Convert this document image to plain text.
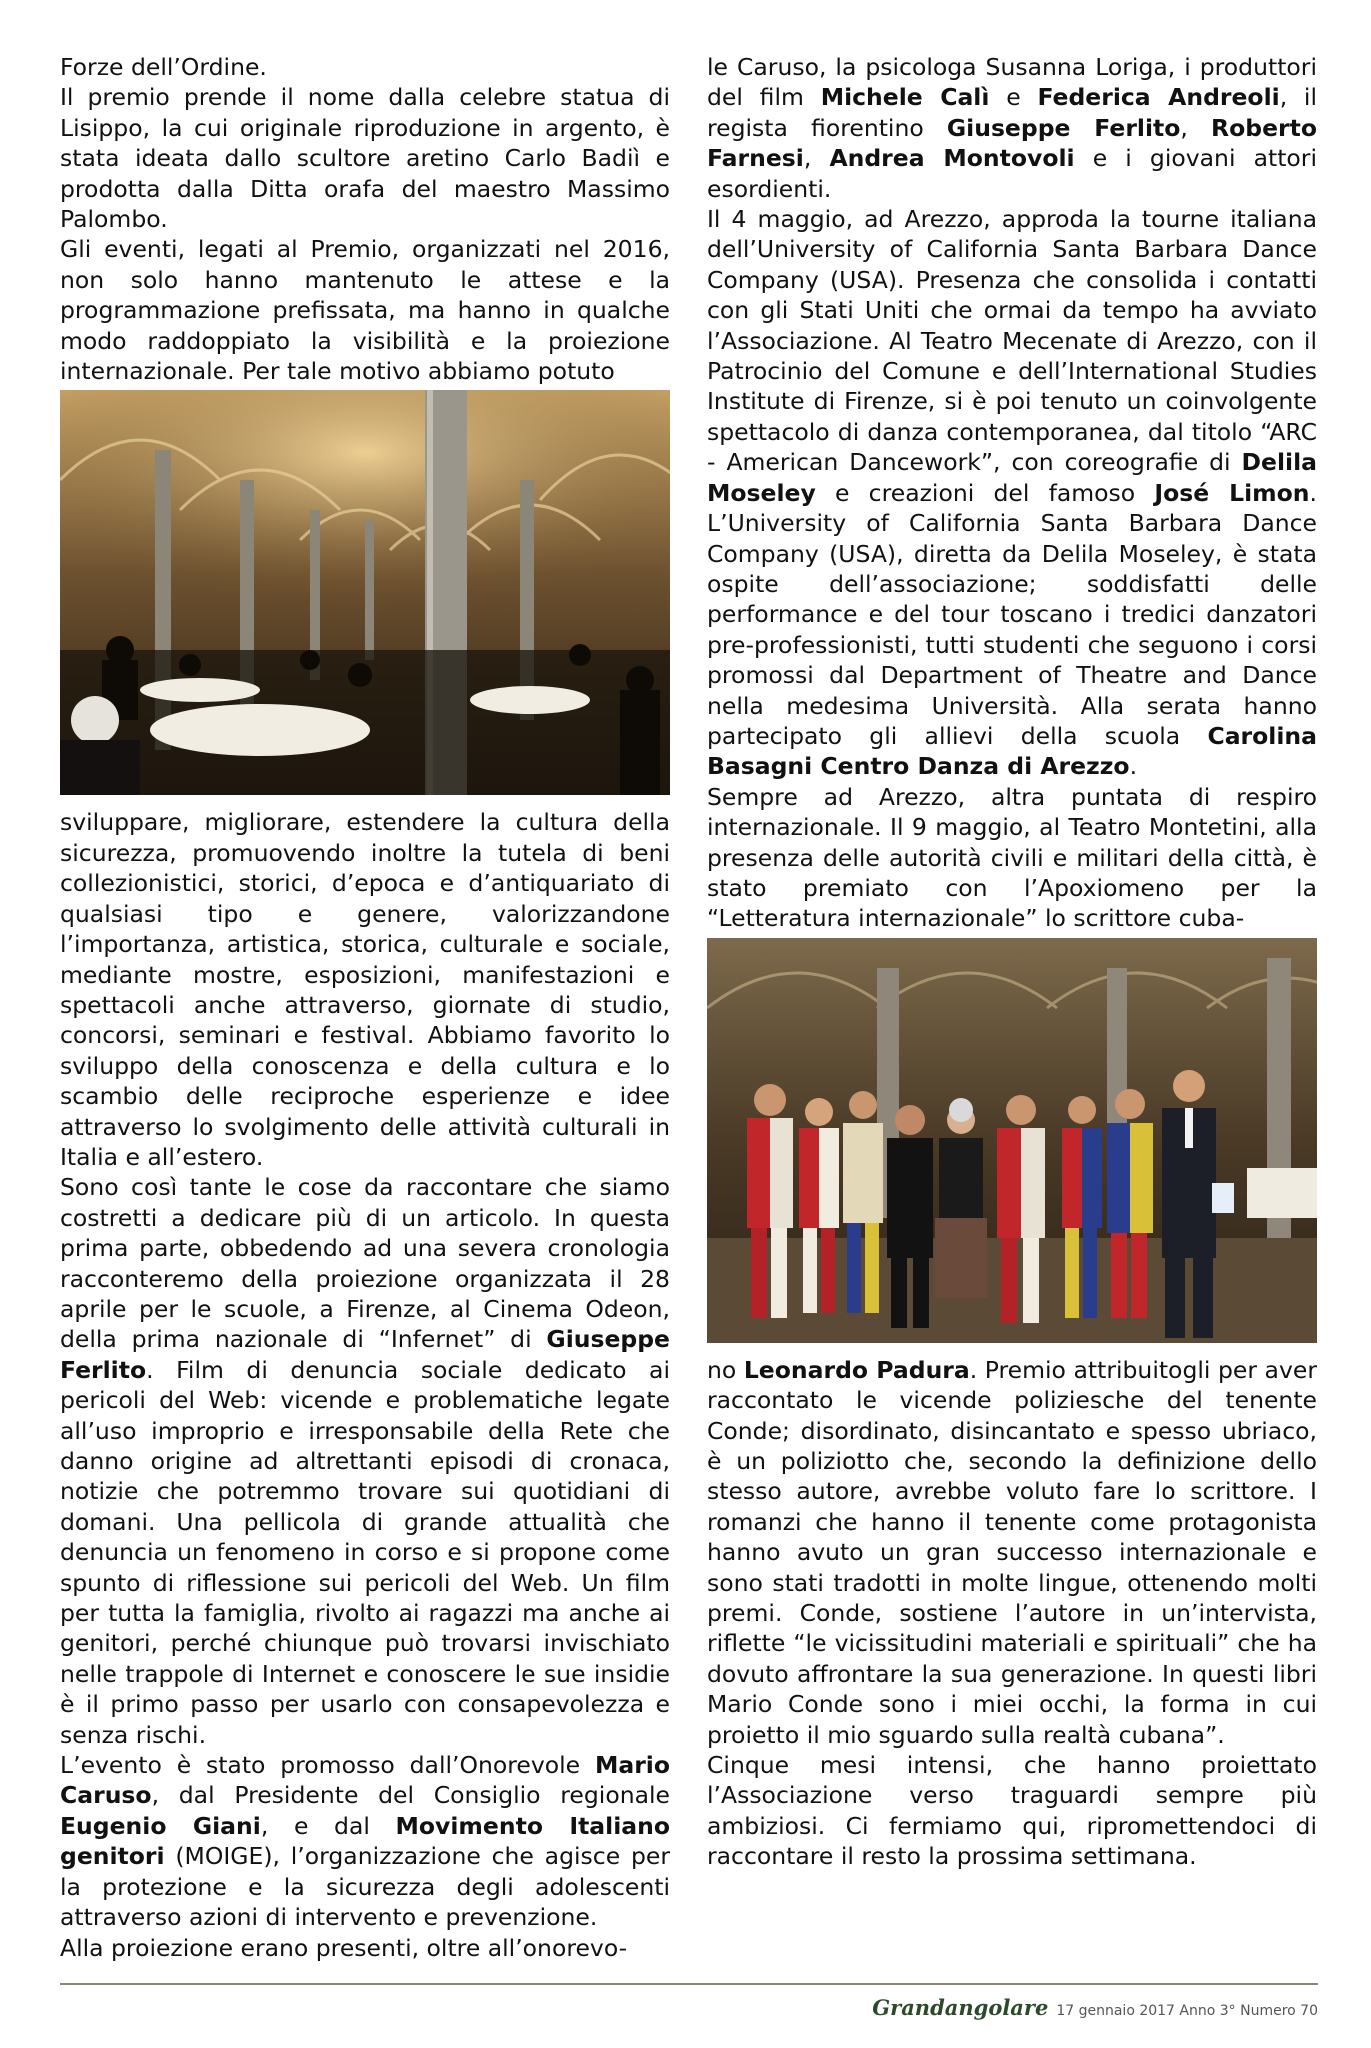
Forze dell’Ordine.

Il premio prende il nome dalla celebre statua di Lisippo, la cui originale riproduzione in argento, è stata ideata dallo scultore aretino Carlo Badiì e prodotta dalla Ditta orafa del maestro Massimo Palombo.

Gli eventi, legati al Premio, organizzati nel 2016, non solo hanno mantenuto le attese e la programmazione prefissata, ma hanno in qualche modo raddoppiato la visibilità e la proiezione internazionale. Per tale motivo abbiamo potuto

sviluppare, migliorare, estendere la cultura della sicurezza, promuovendo inoltre la tutela di beni collezionistici, storici, d’epoca e d’antiquariato di qualsiasi tipo e genere, valorizzandone l’importanza, artistica, storica, culturale e sociale, mediante mostre, esposizioni, manifestazioni e spettacoli anche attraverso, giornate di studio, concorsi, seminari e festival. Abbiamo favorito lo sviluppo della conoscenza e della cultura e lo scambio delle reciproche esperienze e idee attraverso lo svolgimento delle attività culturali in Italia e all’estero.

Sono così tante le cose da raccontare che siamo costretti a dedicare più di un articolo. In questa prima parte, obbedendo ad una severa cronologia racconteremo della proiezione organizzata il 28 aprile per le scuole, a Firenze, al Cinema Odeon, della prima nazionale di “Infernet” di Giuseppe Ferlito. Film di denuncia sociale dedicato ai pericoli del Web: vicende e problematiche legate all’uso improprio e irresponsabile della Rete che danno origine ad altrettanti episodi di cronaca, notizie che potremmo trovare sui quotidiani di domani. Una pellicola di grande attualità che denuncia un fenomeno in corso e si propone come spunto di riflessione sui pericoli del Web. Un film per tutta la famiglia, rivolto ai ragazzi ma anche ai genitori, perché chiunque può trovarsi invischiato nelle trappole di Internet e conoscere le sue insidie è il primo passo per usarlo con consapevolezza e senza rischi.

L’evento è stato promosso dall’Onorevole Mario Caruso, dal Presidente del Consiglio regionale Eugenio Giani, e dal Movimento Italiano genitori (MOIGE), l’organizzazione che agisce per la protezione e la sicurezza degli adolescenti attraverso azioni di intervento e prevenzione.

Alla proiezione erano presenti, oltre all’onorevo-

le Caruso, la psicologa Susanna Loriga, i produttori del film Michele Calì e Federica Andreoli, il regista fiorentino Giuseppe Ferlito, Roberto Farnesi, Andrea Montovoli e i giovani attori esordienti.

Il 4 maggio, ad Arezzo, approda la tourne italiana dell’University of California Santa Barbara Dance Company (USA). Presenza che consolida i contatti con gli Stati Uniti che ormai da tempo ha avviato l’Associazione. Al Teatro Mecenate di Arezzo, con il Patrocinio del Comune e dell’International Studies Institute di Firenze, si è poi tenuto un coinvolgente spettacolo di danza contemporanea, dal titolo “ARC - American Dancework”, con coreografie di Delila Moseley e creazioni del famoso José Limon. L’University of California Santa Barbara Dance Company (USA), diretta da Delila Moseley, è stata ospite dell’associazione; soddisfatti delle performance e del tour toscano i tredici danzatori pre-professionisti, tutti studenti che seguono i corsi promossi dal Department of Theatre and Dance nella medesima Università. Alla serata hanno partecipato gli allievi della scuola Carolina Basagni Centro Danza di Arezzo.

Sempre ad Arezzo, altra puntata di respiro internazionale. Il 9 maggio, al Teatro Montetini, alla presenza delle autorità civili e militari della città, è stato premiato con l’Apoxiomeno per la “Letteratura internazionale” lo scrittore cuba-

no Leonardo Padura. Premio attribuitogli per aver raccontato le vicende poliziesche del tenente Conde; disordinato, disincantato e spesso ubriaco, è un poliziotto che, secondo la definizione dello stesso autore, avrebbe voluto fare lo scrittore. I romanzi che hanno il tenente come protagonista hanno avuto un gran successo internazionale e sono stati tradotti in molte lingue, ottenendo molti premi. Conde, sostiene l’autore in un’intervista, riflette “le vicissitudini materiali e spirituali” che ha dovuto affrontare la sua generazione. In questi libri Mario Conde sono i miei occhi, la forma in cui proietto il mio sguardo sulla realtà cubana”.

Cinque mesi intensi, che hanno proiettato l’Associazione verso traguardi sempre più ambiziosi. Ci fermiamo qui, ripromettendoci di raccontare il resto la prossima settimana.

Grandangolare 17 gennaio 2017 Anno 3° Numero 70
